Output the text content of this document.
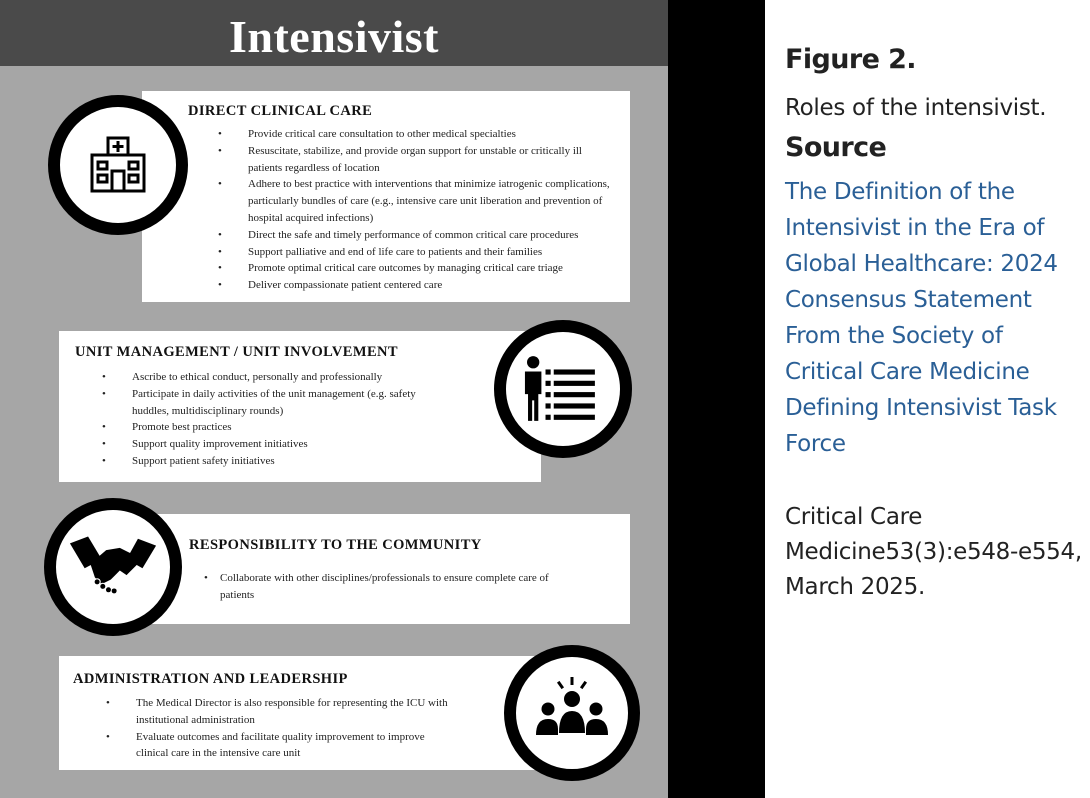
Intensivist
DIRECT CLINICAL CARE
• Provide critical care consultation to other medical specialties
• Resuscitate, stabilize, and provide organ support for unstable or critically ill patients regardless of location
• Adhere to best practice with interventions that minimize iatrogenic complications, particularly bundles of care (e.g., intensive care unit liberation and prevention of hospital acquired infections)
• Direct the safe and timely performance of common critical care procedures
• Support palliative and end of life care to patients and their families
• Promote optimal critical care outcomes by managing critical care triage
• Deliver compassionate patient centered care
UNIT MANAGEMENT / UNIT INVOLVEMENT
• Ascribe to ethical conduct, personally and professionally
• Participate in daily activities of the unit management (e.g. safety huddles, multidisciplinary rounds)
• Promote best practices
• Support quality improvement initiatives
• Support patient safety initiatives
RESPONSIBILITY TO THE COMMUNITY
• Collaborate with other disciplines/professionals to ensure complete care of patients
ADMINISTRATION AND LEADERSHIP
• The Medical Director is also responsible for representing the ICU with institutional administration
• Evaluate outcomes and facilitate quality improvement to improve clinical care in the intensive care unit
Figure 2.

Roles of the intensivist.

Source
The Definition of the Intensivist in the Era of Global Healthcare: 2024 Consensus Statement From the Society of Critical Care Medicine Defining Intensivist Task Force

Critical Care Medicine53(3):e548-e554,
March 2025.
